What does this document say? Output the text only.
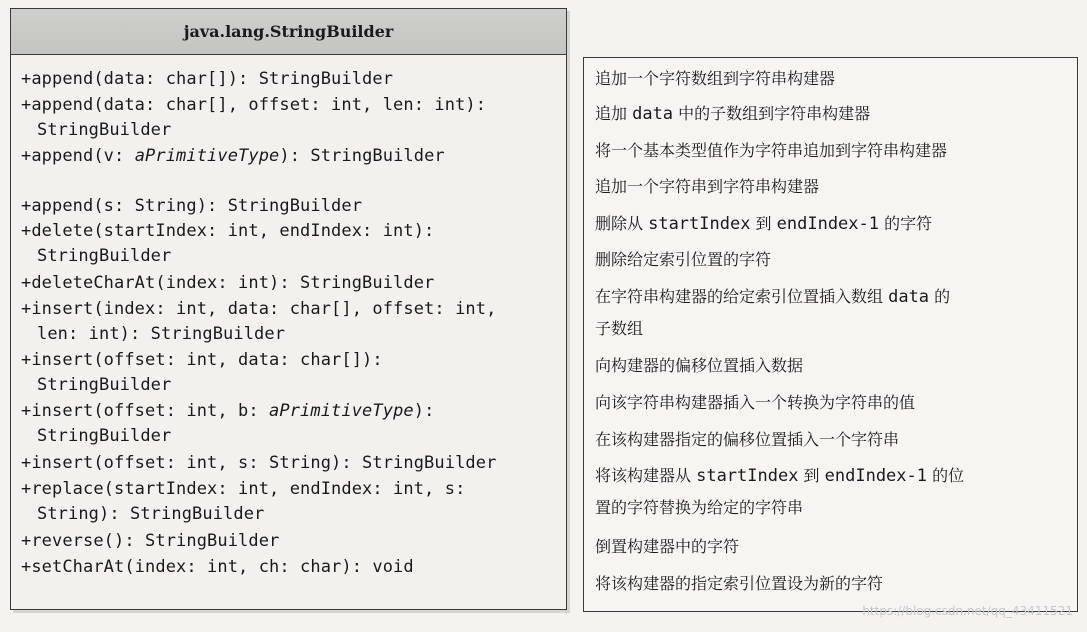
java.lang.StringBuilder
+append(data: char[]): StringBuilder
+append(data: char[], offset: int, len: int):
StringBuilder
+append(v: aPrimitiveType): StringBuilder
+append(s: String): StringBuilder
+delete(startIndex: int, endIndex: int):
StringBuilder
+deleteCharAt(index: int): StringBuilder
+insert(index: int, data: char[], offset: int,
len: int): StringBuilder
+insert(offset: int, data: char[]):
StringBuilder
+insert(offset: int, b: aPrimitiveType):
StringBuilder
+insert(offset: int, s: String): StringBuilder
+replace(startIndex: int, endIndex: int, s:
String): StringBuilder
+reverse(): StringBuilder
+setCharAt(index: int, ch: char): void
追加一个字符数组到字符串构建器
追加 data 中的子数组到字符串构建器
将一个基本类型值作为字符串追加到字符串构建器
追加一个字符串到字符串构建器
删除从 startIndex 到 endIndex-1 的字符
删除给定索引位置的字符
在字符串构建器的给定索引位置插入数组 data 的
子数组
向构建器的偏移位置插入数据
向该字符串构建器插入一个转换为字符串的值
在该构建器指定的偏移位置插入一个字符串
将该构建器从 startIndex 到 endIndex-1 的位
置的字符替换为给定的字符串
倒置构建器中的字符
将该构建器的指定索引位置设为新的字符
https://blog.csdn.net/qq_43411521
